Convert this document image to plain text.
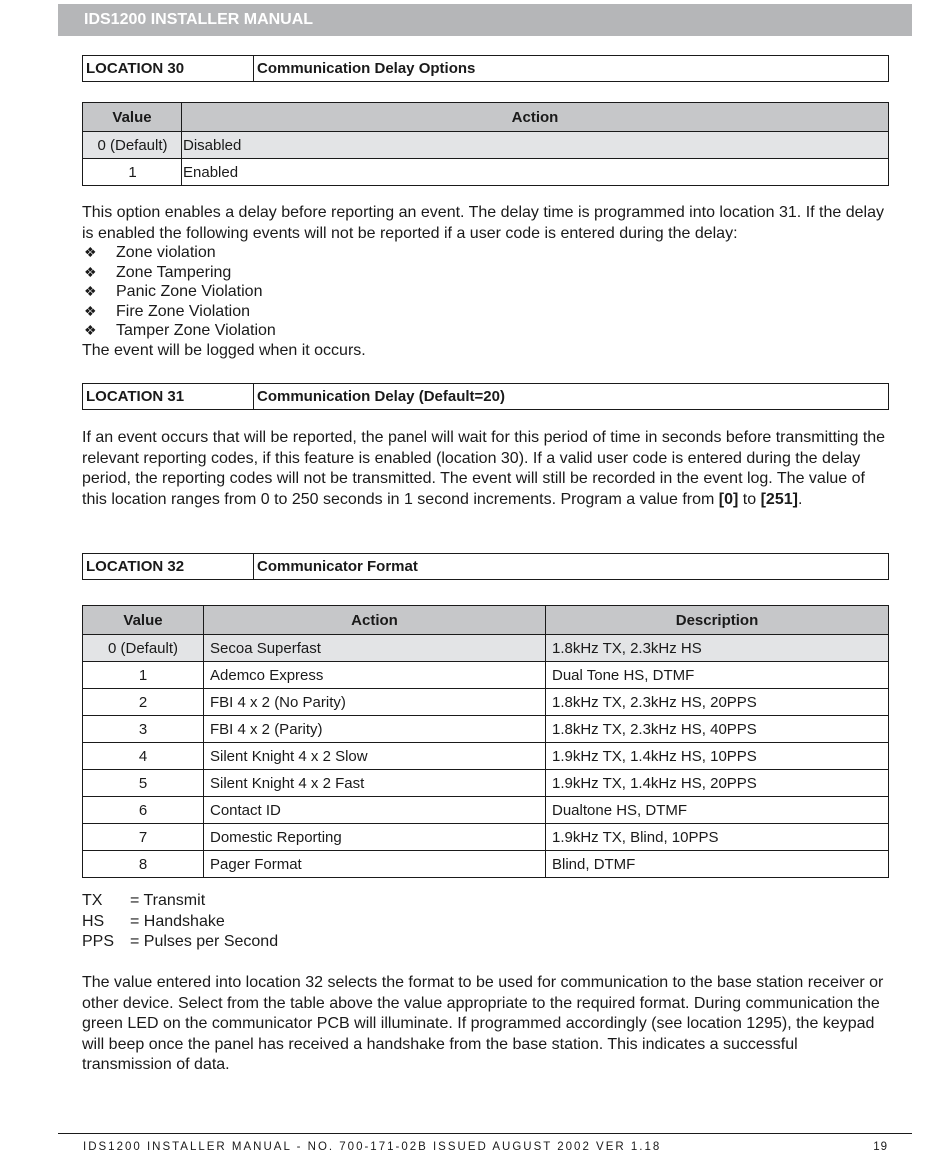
IDS1200 INSTALLER MANUAL
LOCATION 30	Communication Delay Options
Value	Action
0 (Default)	Disabled
1	Enabled

This option enables a delay before reporting an event. The delay time is programmed into location 31. If the delay is enabled the following events will not be reported if a user code is entered during the delay:

❖	Zone violation
❖	Zone Tampering
❖	Panic Zone Violation
❖	Fire Zone Violation
❖	Tamper Zone Violation

The event will be logged when it occurs.

LOCATION 31	Communication Delay (Default=20)

If an event occurs that will be reported, the panel will wait for this period of time in seconds before transmitting the relevant reporting codes, if this feature is enabled (location 30). If a valid user code is entered during the delay period, the reporting codes will not be transmitted. The event will still be recorded in the event log. The value of this location ranges from 0 to 250 seconds in 1 second increments. Program a value from [0] to [251].

LOCATION 32	Communicator Format
Value	Action	Description
0 (Default)	Secoa Superfast	1.8kHz TX, 2.3kHz HS
1	Ademco Express	Dual Tone HS, DTMF
2	FBI 4 x 2 (No Parity)	1.8kHz TX, 2.3kHz HS, 20PPS
3	FBI 4 x 2 (Parity)	1.8kHz TX, 2.3kHz HS, 40PPS
4	Silent Knight 4 x 2 Slow	1.9kHz TX, 1.4kHz HS, 10PPS
5	Silent Knight 4 x 2 Fast	1.9kHz TX, 1.4kHz HS, 20PPS
6	Contact ID	Dualtone HS, DTMF
7	Domestic Reporting	1.9kHz TX, Blind, 10PPS
8	Pager Format	Blind, DTMF
TX	= Transmit
HS	= Handshake
PPS = Pulses per Second

The value entered into location 32 selects the format to be used for communication to the base station receiver or other device. Select from the table above the value appropriate to the required format. During communication the green LED on the communicator PCB will illuminate. If programmed accordingly (see location 1295), the keypad will beep once the panel has received a handshake from the base station. This indicates a successful transmission of data.

IDS1200 INSTALLER MANUAL - NO. 700-171-02B ISSUED AUGUST 2002 VER 1.18	19
